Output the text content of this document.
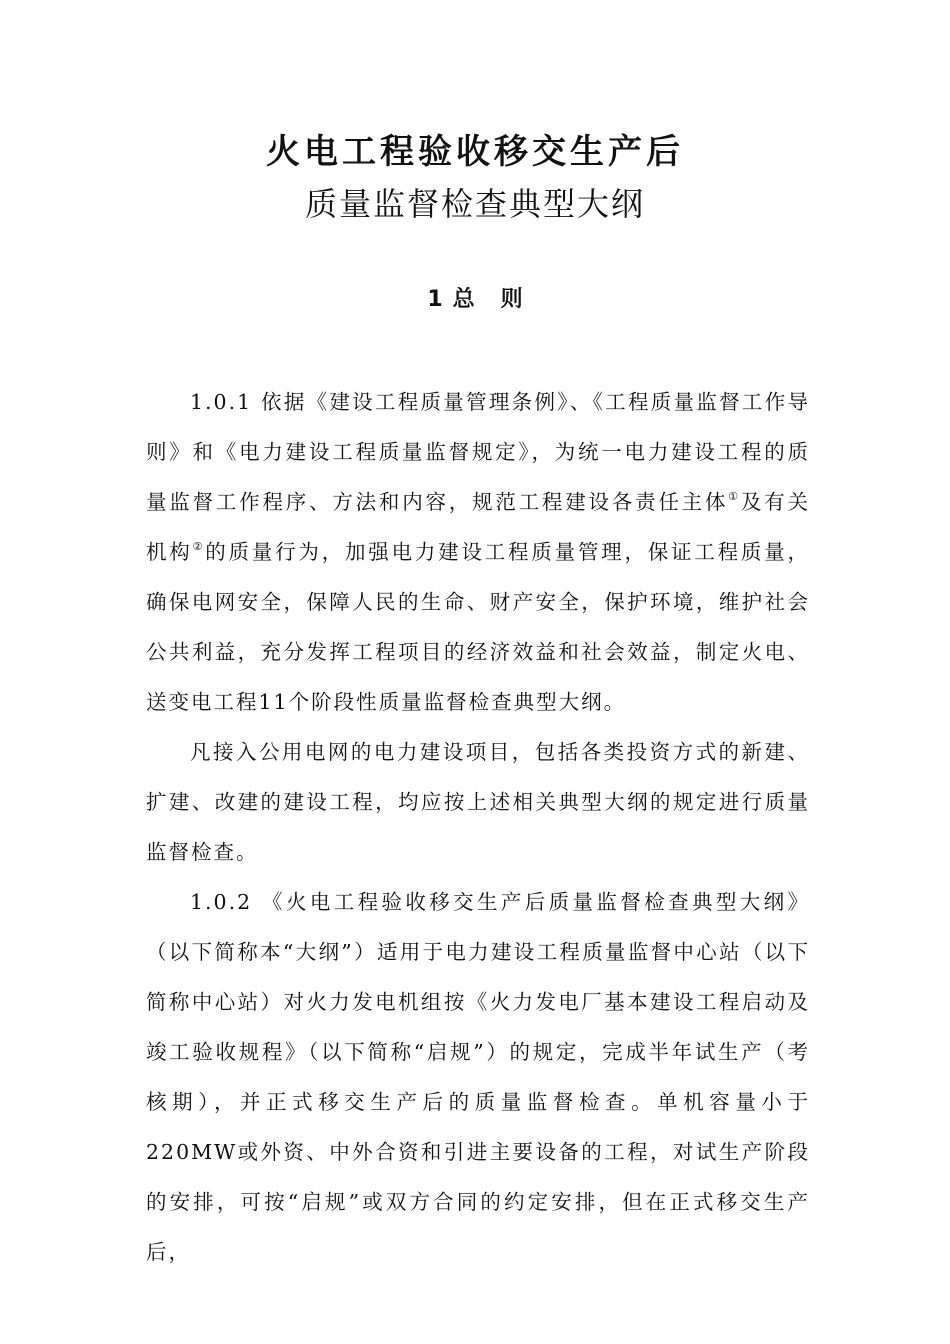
火电工程验收移交生产后
质量监督检查典型大纲
1 总 则

1.0.1 依据《建设工程质量管理条例》、《工程质量监督工作导则》和《电力建设工程质量监督规定》，为统一电力建设工程的质量监督工作程序、方法和内容，规范工程建设各责任主体①及有关机构②的质量行为，加强电力建设工程质量管理，保证工程质量，确保电网安全，保障人民的生命、财产安全，保护环境，维护社会公共利益，充分发挥工程项目的经济效益和社会效益，制定火电、送变电工程11个阶段性质量监督检查典型大纲。

凡接入公用电网的电力建设项目，包括各类投资方式的新建、扩建、改建的建设工程，均应按上述相关典型大纲的规定进行质量监督检查。

1.0.2 《火电工程验收移交生产后质量监督检查典型大纲》（以下简称本“大纲”）适用于电力建设工程质量监督中心站（以下简称中心站）对火力发电机组按《火力发电厂基本建设工程启动及竣工验收规程》（以下简称“启规”）的规定，完成半年试生产（考核期），并正式移交生产后的质量监督检查。单机容量小于220MW或外资、中外合资和引进主要设备的工程，对试生产阶段的安排，可按“启规”或双方合同的约定安排，但在正式移交生产后，
